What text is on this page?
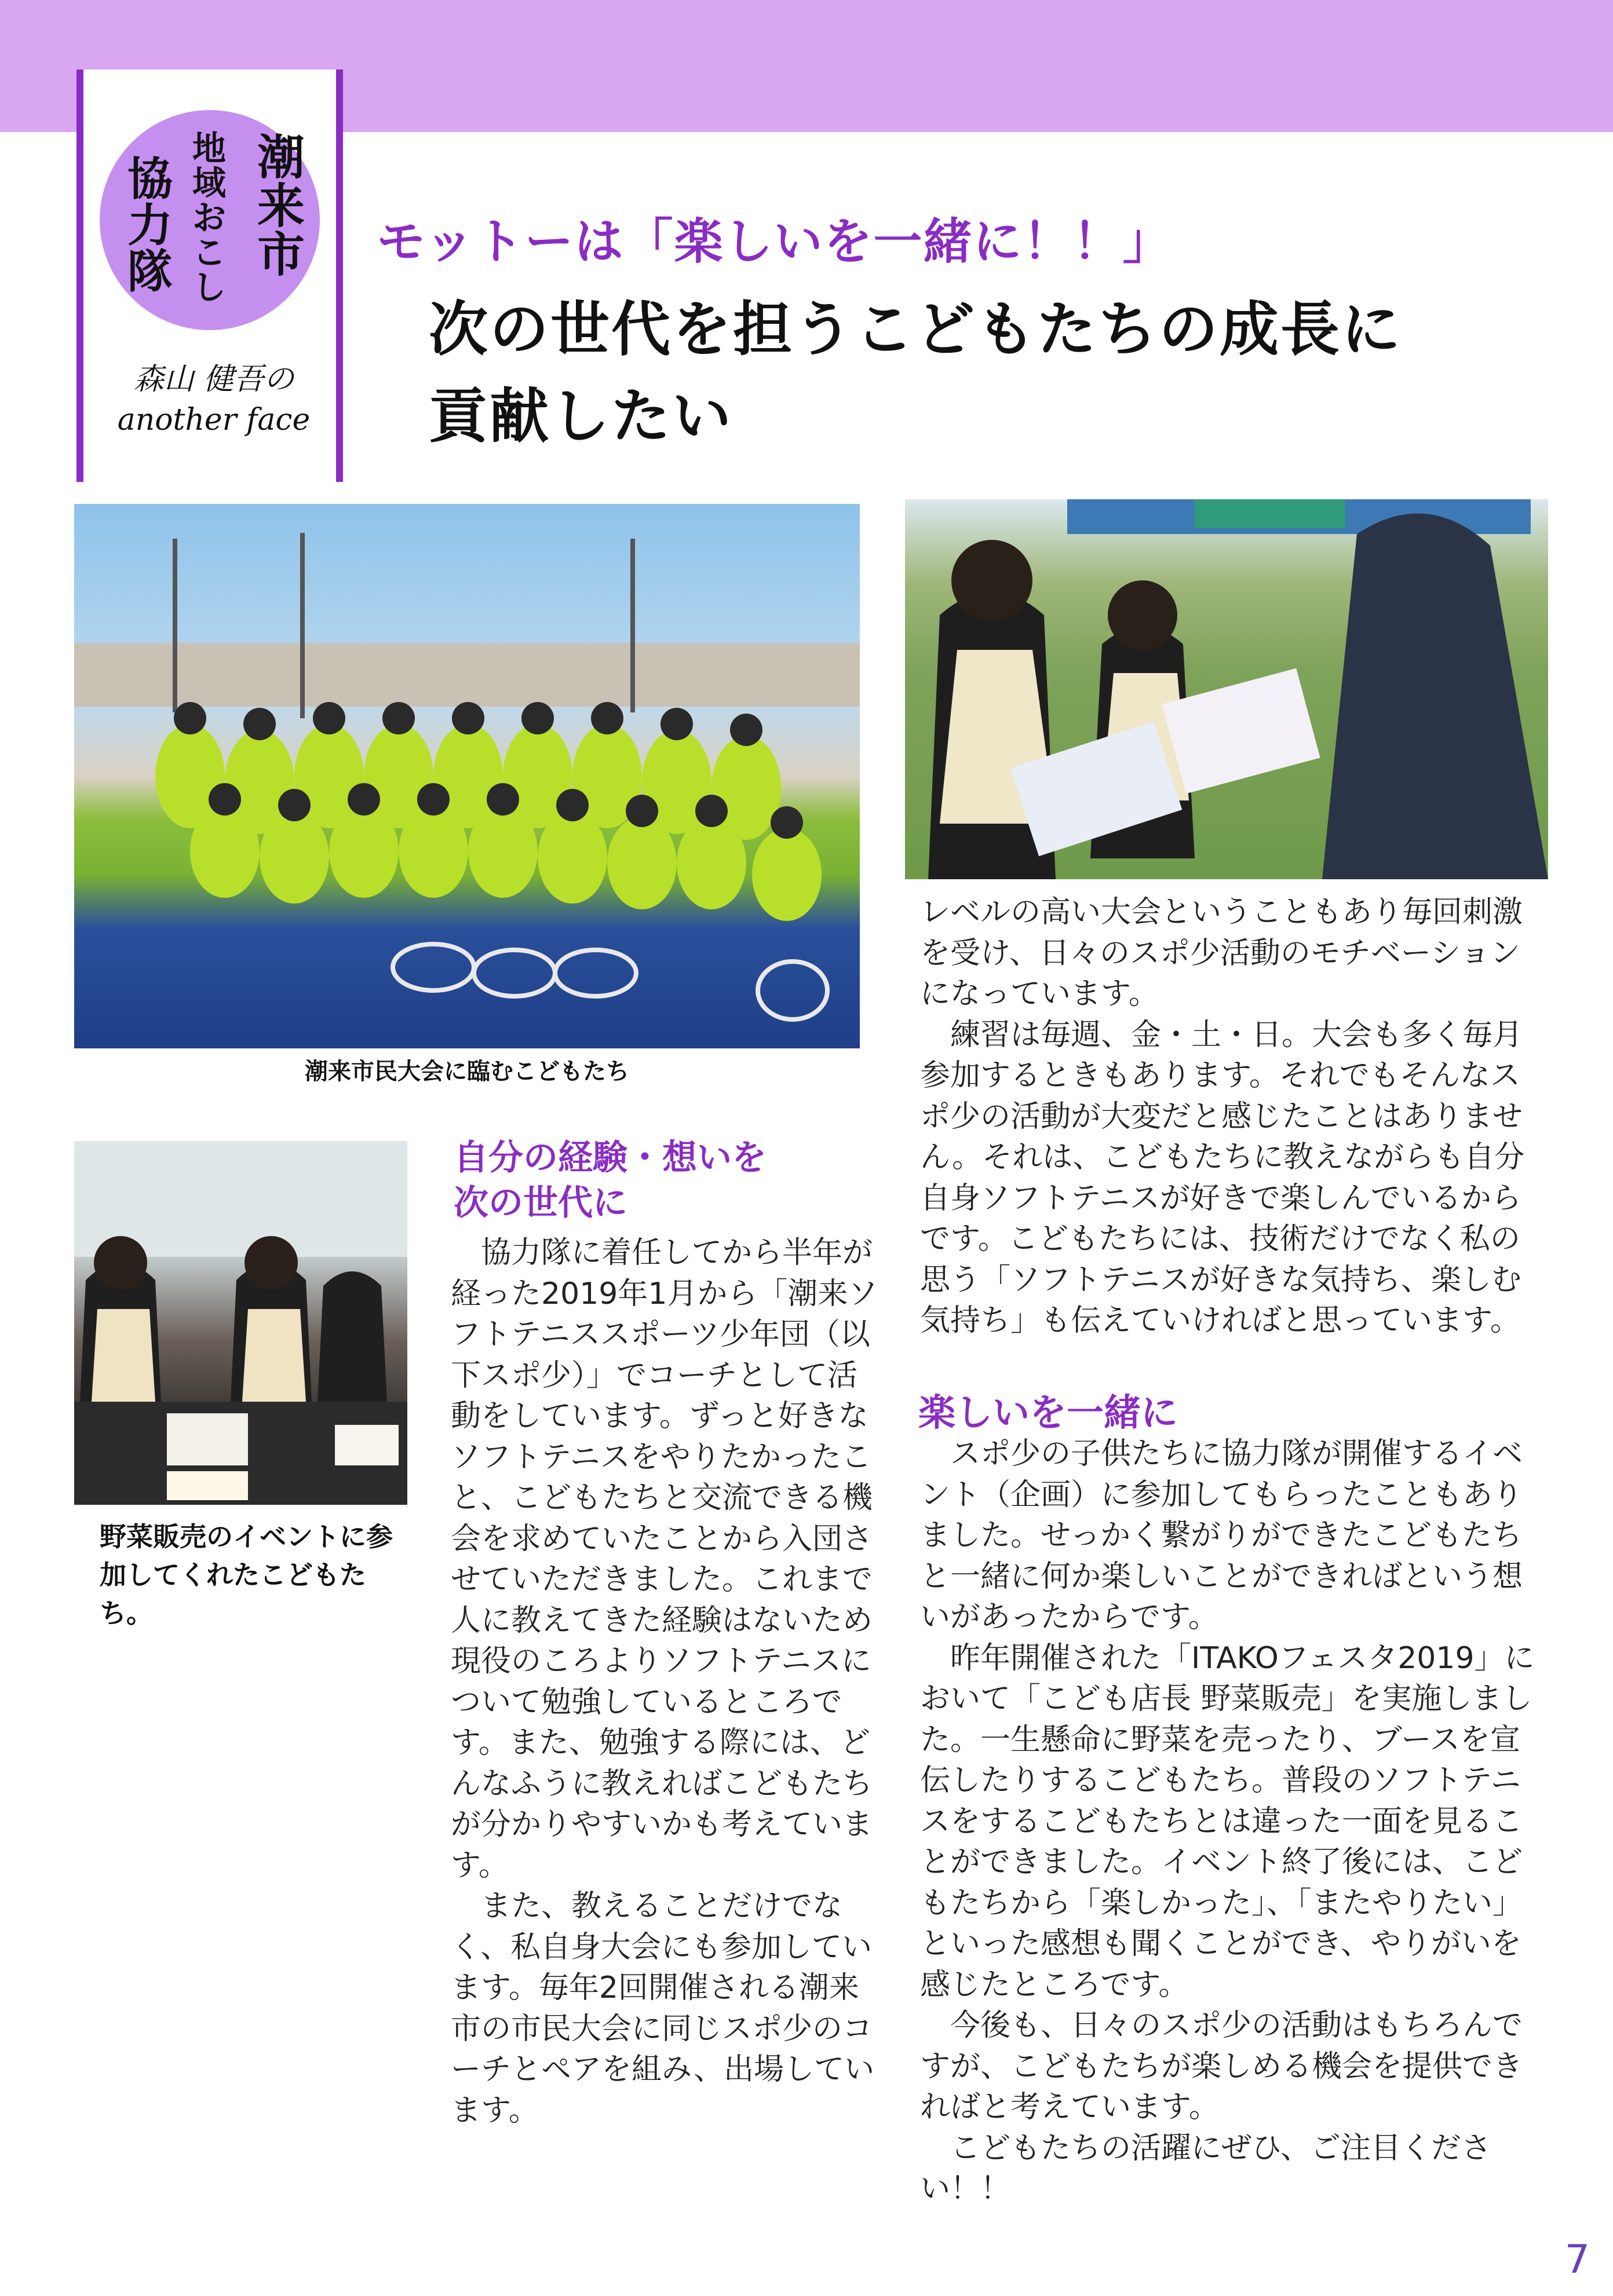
潮来市
地域おこし
協力隊
森山 健吾の
another face
モットーは「楽しいを一緒に！！」
次の世代を担うこどもたちの成長に
貢献したい
潮来市民大会に臨むこどもたち
野菜販売のイベントに参加してくれたこどもたち。
自分の経験・想いを
次の世代に

　協力隊に着任してから半年が経った2019年1月から「潮来ソフトテニススポーツ少年団（以下スポ少）」でコーチとして活動をしています。ずっと好きなソフトテニスをやりたかったこと、こどもたちと交流できる機会を求めていたことから入団させていただきました。これまで人に教えてきた経験はないため現役のころよりソフトテニスについて勉強しているところです。また、勉強する際には、どんなふうに教えればこどもたちが分かりやすいかも考えています。
　また、教えることだけでなく、私自身大会にも参加しています。毎年2回開催される潮来市の市民大会に同じスポ少のコーチとペアを組み、出場しています。

レベルの高い大会ということもあり毎回刺激を受け、日々のスポ少活動のモチベーションになっています。
　練習は毎週、金・土・日。大会も多く毎月参加するときもあります。それでもそんなスポ少の活動が大変だと感じたことはありません。それは、こどもたちに教えながらも自分自身ソフトテニスが好きで楽しんでいるからです。こどもたちには、技術だけでなく私の思う「ソフトテニスが好きな気持ち、楽しむ気持ち」も伝えていければと思っています。

楽しいを一緒に

　スポ少の子供たちに協力隊が開催するイベント（企画）に参加してもらったこともありました。せっかく繋がりができたこどもたちと一緒に何か楽しいことができればという想いがあったからです。
　昨年開催された「ITAKOフェスタ2019」において「こども店長 野菜販売」を実施しました。一生懸命に野菜を売ったり、ブースを宣伝したりするこどもたち。普段のソフトテニスをするこどもたちとは違った一面を見ることができました。イベント終了後には、こどもたちから「楽しかった」、「またやりたい」といった感想も聞くことができ、やりがいを感じたところです。
　今後も、日々のスポ少の活動はもちろんですが、こどもたちが楽しめる機会を提供できればと考えています。
　こどもたちの活躍にぜひ、ご注目ください！！

7
